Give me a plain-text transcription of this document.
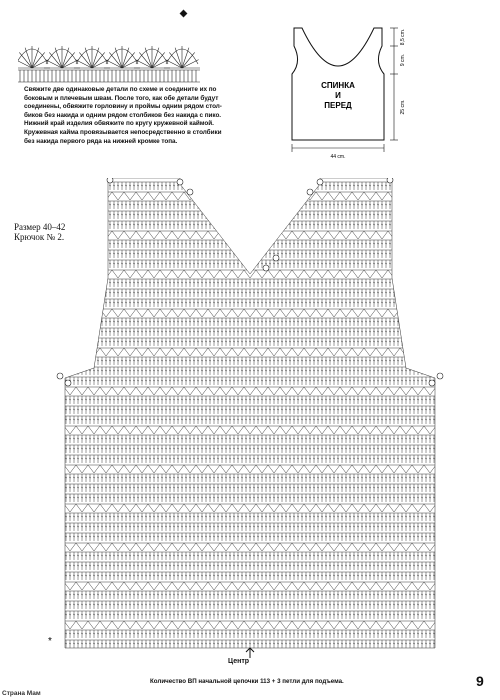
Свяжите две одинаковые детали по схеме и соедините их по

боковым и плечевым швам. После того, как обе детали будут

соединены, обвяжите горловину и проймы одним рядом стол-

биков без накида и одним рядом столбиков без накида с пико.

Нижний край изделия обвяжите по кругу кружевной каймой.

Кружевная кайма провязывается непосредственно в столбики

без накида первого ряда на нижней кромке топа.

СПИНКА
И
ПЕРЕД
8,5 cm.
9 cm.
25 cm.
44 cm.
Размер 40–42
Крючок № 2.
*
Центр
Количество ВП начальной цепочки 113 + 3 петли для подъема.	9
Страна Мам
